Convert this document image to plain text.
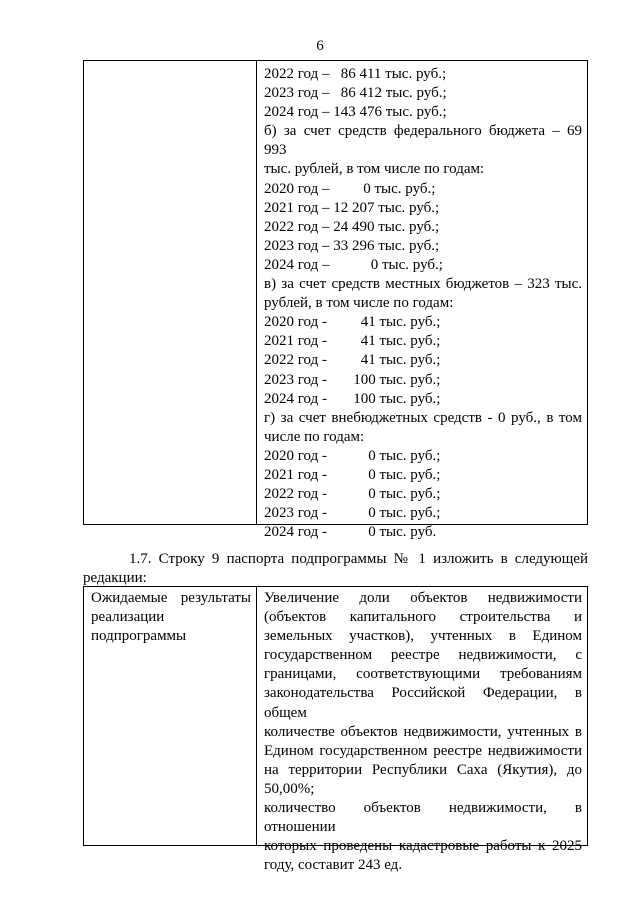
6
2022 год –   86 411 тыс. руб.;
2023 год –   86 412 тыс. руб.;
2024 год – 143 476 тыс. руб.;
б) за счет средств федерального бюджета – 69 993
тыс. рублей, в том числе по годам:
2020 год –         0 тыс. руб.;
2021 год – 12 207 тыс. руб.;
2022 год – 24 490 тыс. руб.;
2023 год – 33 296 тыс. руб.;
2024 год –           0 тыс. руб.;
в) за счет средств местных бюджетов – 323 тыс.
рублей, в том числе по годам:
2020 год -         41 тыс. руб.;
2021 год -         41 тыс. руб.;
2022 год -         41 тыс. руб.;
2023 год -       100 тыс. руб.;
2024 год -       100 тыс. руб.;
г) за счет внебюджетных средств - 0 руб., в том
числе по годам:
2020 год -           0 тыс. руб.;
2021 год -           0 тыс. руб.;
2022 год -           0 тыс. руб.;
2023 год -           0 тыс. руб.;
2024 год -           0 тыс. руб.
1.7. Строку 9 паспорта подпрограммы № 1 изложить в следующей
редакции:
Ожидаемые результаты
реализации
подпрограммы
Увеличение доли объектов недвижимости
(объектов капитального строительства и
земельных участков), учтенных в Едином
государственном реестре недвижимости, с
границами, соответствующими требованиям
законодательства Российской Федерации, в общем
количестве объектов недвижимости, учтенных в
Едином государственном реестре недвижимости
на территории Республики Саха (Якутия), до
50,00%;
количество объектов недвижимости, в отношении
которых проведены кадастровые работы к 2025
году, составит 243 ед.
